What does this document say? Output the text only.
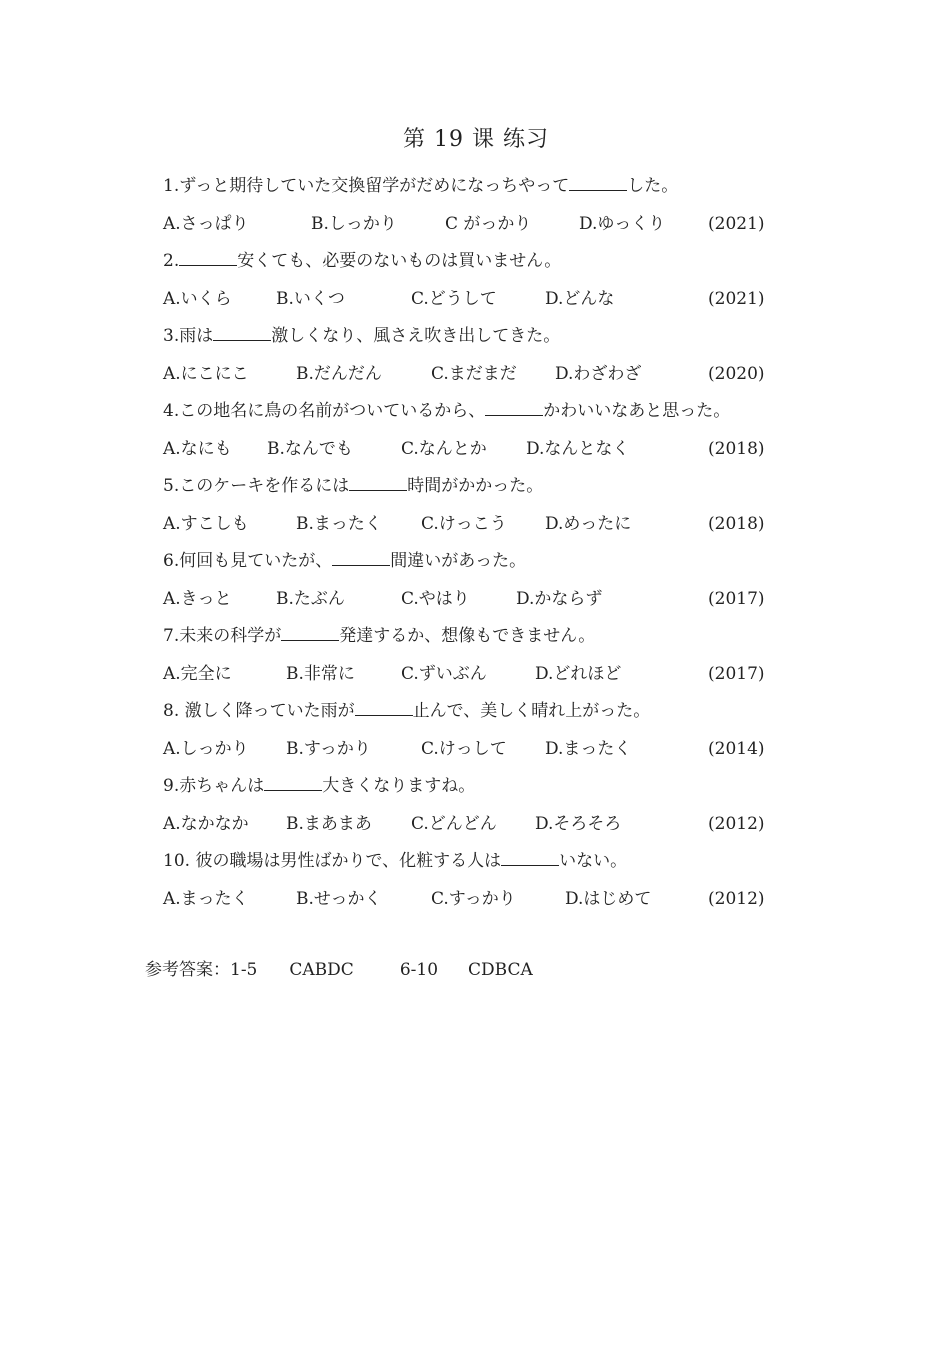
第 19 课 练习
1.ずっと期待していた交換留学がだめになっちやって	した。
A.さっぱり	B.しっかり	C がっかり	D.ゆっくり	(2021)
2.	安くても、必要のないものは買いません。
A.いくら	B.いくつ	C.どうして	D.どんな	(2021)
3.雨は	激しくなり、風さえ吹き出してきた。
A.にこにこ	B.だんだん	C.まだまだ D.わざわざ	(2020)
4.この地名に鳥の名前がついているから、	かわいいなあと思った。
A.なにも B.なんでも	C.なんとか D.なんとなく	(2018)
5.このケーキを作るには	時間がかかった。
A.すこしも	B.まったく C.けっこう D.めったに	(2018)
6.何回も見ていたが、	間違いがあった。
A.きっと	B.たぶん	C.やはり	D.かならず	(2017)
7.未来の科学が	発達するか、想像もできません。
A.完全に	B.非常に	C.ずいぶん	D.どれほど	(2017)
8. 激しく降っていた雨が	止んで、美しく晴れ上がった。
A.しっかり B.すっかり	C.けっして D.まったく	(2014)
9.赤ちゃんは	大きくなりますね。
A.なかなか B.まあまあ C.どんどん D.そろそろ	(2012)
10. 彼の職場は男性ばかりで、化粧する人は	いない。
A.まったく	B.せっかく	C.すっかり	D.はじめて	(2012)
参考答案：1-5 CABDC	6-10 CDBCA
